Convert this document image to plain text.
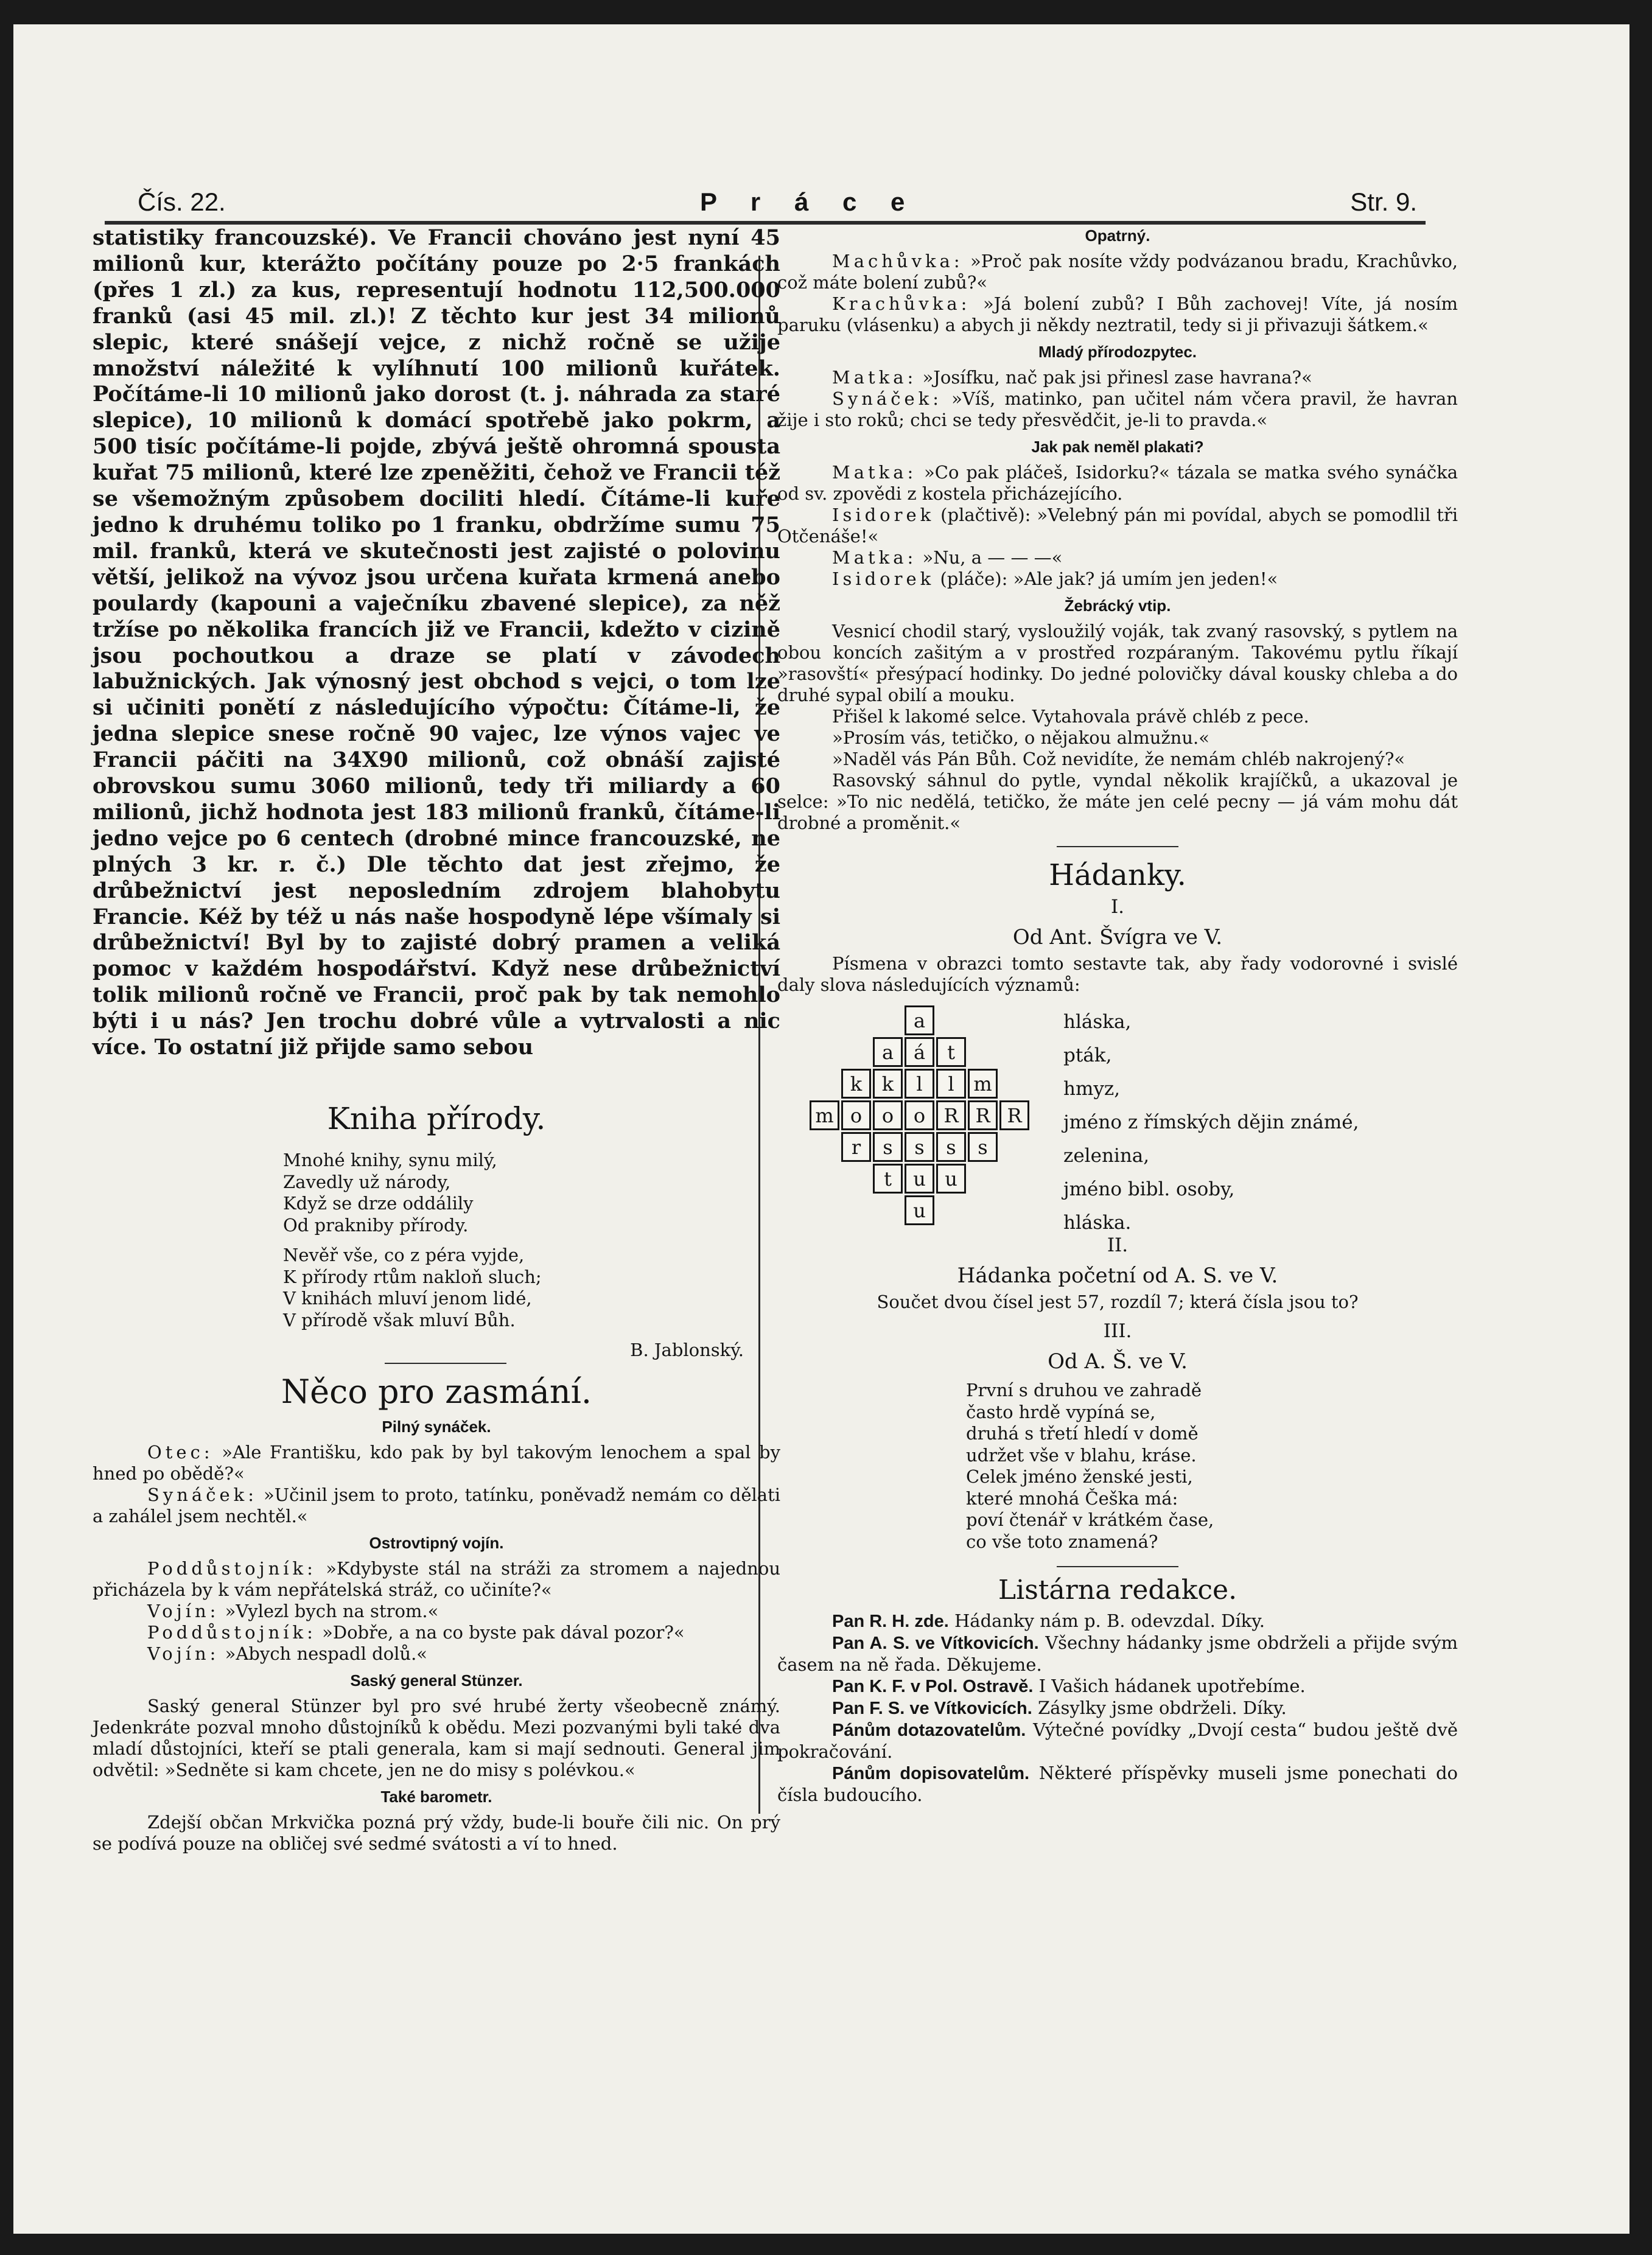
Čís. 22.	P r á c e	Str. 9.

statistiky francouzské). Ve Francii chováno jest nyní 45 milionů kur, kterážto počítány pouze po 2·5 frankách (přes 1 zl.) za kus, representují hodnotu 112,500.000 franků (asi 45 mil. zl.)! Z těchto kur jest 34 milionů slepic, které snášejí vejce, z nichž ročně se užije množství náležité k vylíhnutí 100 milionů kuřátek. Počítáme-li 10 milionů jako dorost (t. j. náhrada za staré slepice), 10 milionů k domácí spotřebě jako pokrm, a 500 tisíc počítáme-li pojde, zbývá ještě ohromná spousta kuřat 75 milionů, které lze zpeněžiti, čehož ve Francii též se všemožným způsobem dociliti hledí. Čítáme-li kuře jedno k druhému toliko po 1 franku, obdržíme sumu 75 mil. franků, která ve skutečnosti jest zajisté o polovinu větší, jelikož na vývoz jsou určena kuřata krmená anebo poulardy (kapouni a vaječníku zbavené slepice), za něž tržíse po několika francích již ve Francii, kdežto v cizině jsou pochoutkou a draze se platí v závodech labužnických. Jak výnosný jest obchod s vejci, o tom lze si učiniti ponětí z následujícího výpočtu: Čítáme-li, že jedna slepice snese ročně 90 vajec, lze výnos vajec ve Francii páčiti na 34X90 milionů, což obnáší zajisté obrovskou sumu 3060 milionů, tedy tři miliardy a 60 milionů, jichž hodnota jest 183 milionů franků, čítáme-li jedno vejce po 6 centech (drobné mince francouzské, ne plných 3 kr. r. č.) Dle těchto dat jest zřejmo, že drůbežnictví jest neposledním zdrojem blahobytu Francie. Kéž by též u nás naše hospodyně lépe všímaly si drůbežnictví! Byl by to zajisté dobrý pramen a veliká pomoc v každém hospodářství. Když nese drůbežnictví tolik milionů ročně ve Francii, proč pak by tak nemohlo býti i u nás? Jen trochu dobré vůle a vytrvalosti a nic více. To ostatní již přijde samo sebou

Kniha přírody.

Mnohé knihy, synu milý,
Zavedly už národy,
Když se drze oddálily
Od prakniby přírody.
Nevěř vše, co z péra vyjde,
K přírody rtům nakloň sluch;
V knihách mluví jenom lidé,
V přírodě však mluví Bůh.
B. Jablonský.

Něco pro zasmání.

Pilný synáček.

Otec: »Ale Františku, kdo pak by byl takovým lenochem a spal by hned po obědě?«

Synáček: »Učinil jsem to proto, tatínku, poněvadž nemám co dělati a zahálel jsem nechtěl.«

Ostrovtipný vojín.

Poddůstojník: »Kdybyste stál na stráži za stromem a najednou přicházela by k vám nepřátelská stráž, co učiníte?«

Vojín: »Vylezl bych na strom.«

Poddůstojník: »Dobře, a na co byste pak dával pozor?«

Vojín: »Abych nespadl dolů.«

Saský general Stünzer.

Saský general Stünzer byl pro své hrubé žerty všeobecně známý. Jedenkráte pozval mnoho důstojníků k obědu. Mezi pozvanými byli také dva mladí důstojníci, kteří se ptali generala, kam si mají sednouti. General jim odvětil: »Sedněte si kam chcete, jen ne do misy s polévkou.«

Také barometr.

Zdejší občan Mrkvička pozná prý vždy, bude-li bouře čili nic. On prý se podívá pouze na obličej své sedmé svátosti a ví to hned.

Opatrný.

Machůvka: »Proč pak nosíte vždy podvázanou bradu, Krachůvko, což máte bolení zubů?«

Krachůvka: »Já bolení zubů? I Bůh zachovej! Víte, já nosím paruku (vlásenku) a abych ji někdy neztratil, tedy si ji přivazuji šátkem.«

Mladý přírodozpytec.

Matka: »Josífku, nač pak jsi přinesl zase havrana?«

Synáček: »Víš, matinko, pan učitel nám včera pravil, že havran žije i sto roků; chci se tedy přesvědčit, je-li to pravda.«

Jak pak neměl plakati?

Matka: »Co pak pláčeš, Isidorku?« tázala se matka svého synáčka od sv. zpovědi z kostela přicházejícího.

Isidorek (plačtivě): »Velebný pán mi povídal, abych se pomodlil tři Otčenáše!«

Matka: »Nu, a — — —«

Isidorek (pláče): »Ale jak? já umím jen jeden!«

Žebrácký vtip.

Vesnicí chodil starý, vysloužilý voják, tak zvaný rasovský, s pytlem na obou koncích zašitým a v prostřed rozpáraným. Takovému pytlu říkají »rasovští« přesýpací hodinky. Do jedné polovičky dával kousky chleba a do druhé sypal obilí a mouku.

Přišel k lakomé selce. Vytahovala právě chléb z pece.

»Prosím vás, tetičko, o nějakou almužnu.«

»Naděl vás Pán Bůh. Což nevidíte, že nemám chléb nakrojený?«

Rasovský sáhnul do pytle, vyndal několik krajíčků, a ukazoval je selce: »To nic nedělá, tetičko, že máte jen celé pecny — já vám mohu dát drobné a proměnit.«

Hádanky.

I.

Od Ant. Švígra ve V.

Písmena v obrazci tomto sestavte tak, aby řady vodorovné i svislé daly slova následujících významů:

a
a	á	t
k	k	l	l m
m o	o	o R R R
r	s	s	s	s
t	u u
u
hláska,
pták,
hmyz,
jméno z římských dějin známé,
zelenina,
jméno bibl. osoby,
hláska.

II.

Hádanka početní od A. S. ve V.

Součet dvou čísel jest 57, rozdíl 7; která čísla jsou to?

III.

Od A. Š. ve V.

První s druhou ve zahradě
často hrdě vypíná se,
druhá s třetí hledí v domě
udržet vše v blahu, kráse.
Celek jméno ženské jesti,
které mnohá Češka má:
poví čtenář v krátkém čase,
co vše toto znamená?

Listárna redakce.

Pan R. H. zde. Hádanky nám p. B. odevzdal. Díky.

Pan A. S. ve Vítkovicích. Všechny hádanky jsme obdrželi a přijde svým časem na ně řada. Děkujeme.

Pan K. F. v Pol. Ostravě. I Vašich hádanek upotřebíme.

Pan F. S. ve Vítkovicích. Zásylky jsme obdrželi. Díky.

Pánům dotazovatelům. Výtečné povídky „Dvojí cesta“ budou ještě dvě pokračování.

Pánům dopisovatelům. Některé příspěvky museli jsme ponechati do čísla budoucího.
